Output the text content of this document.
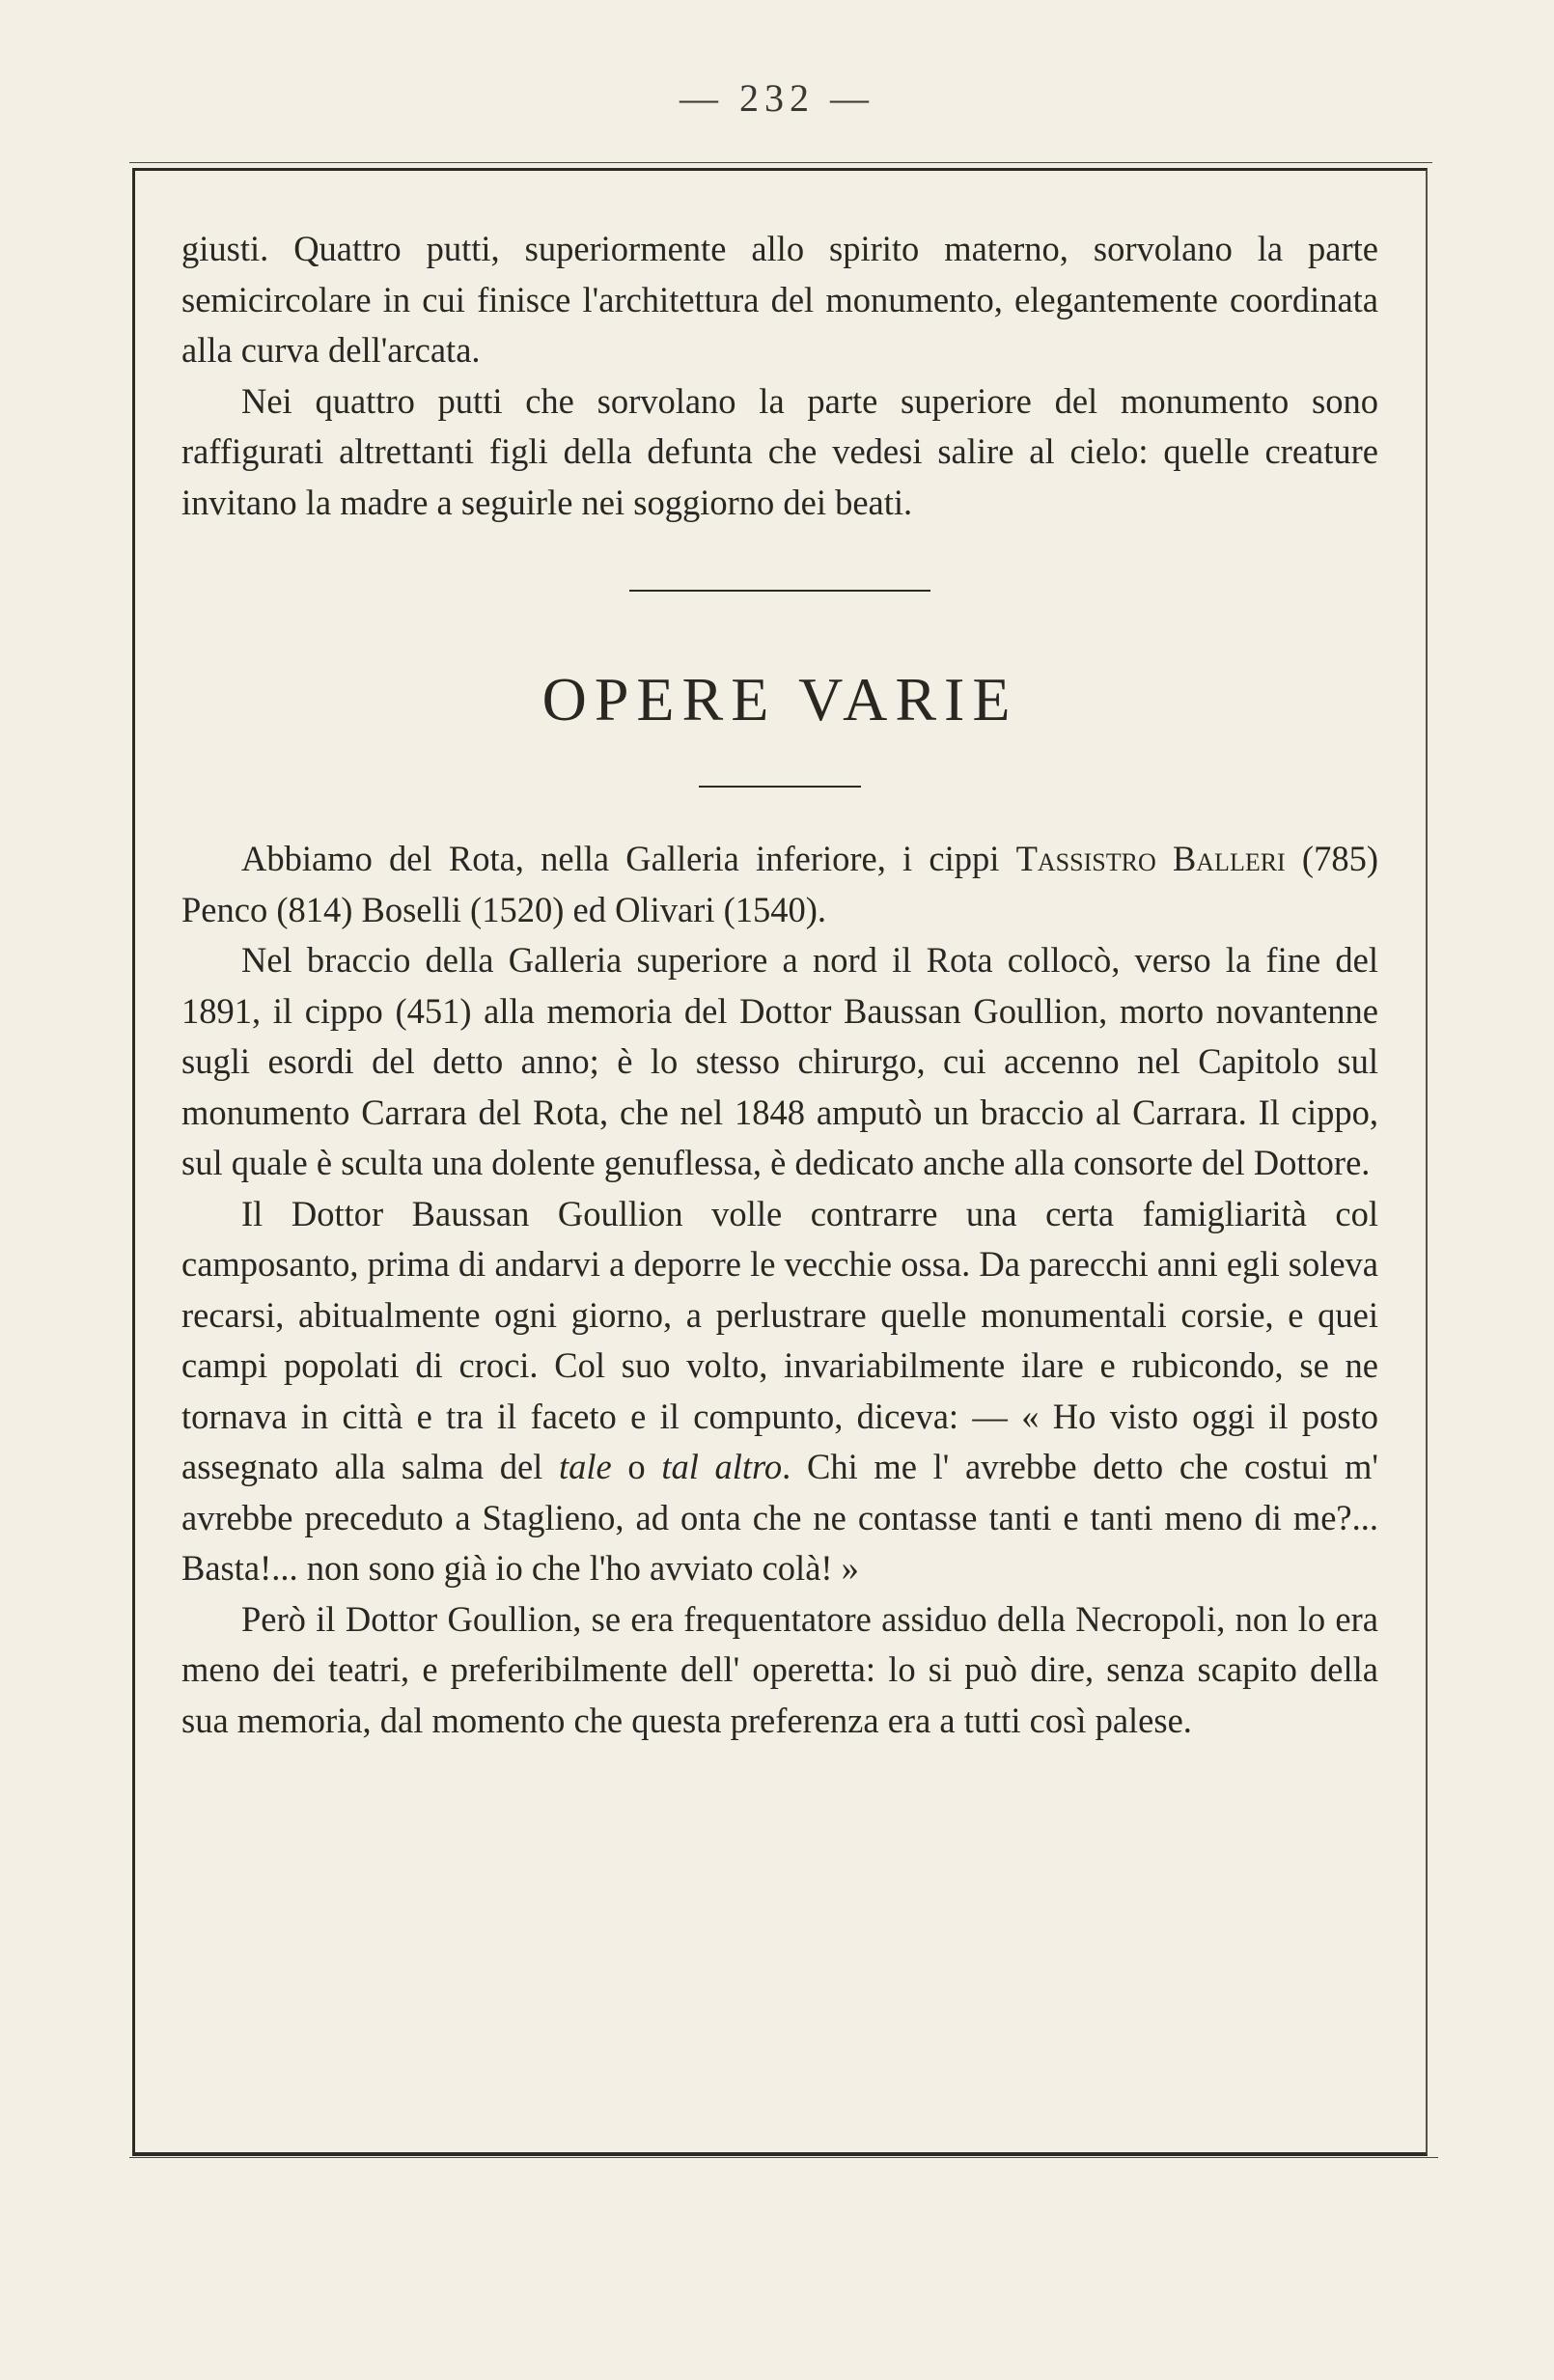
— 232 —

giusti. Quattro putti, superiormente allo spirito materno, sorvolano la parte semicircolare in cui finisce l'architettura del monumento, elegantemente coordinata alla curva dell'arcata.

Nei quattro putti che sorvolano la parte superiore del monumento sono raffigurati altrettanti figli della defunta che vedesi salire al cielo: quelle creature invitano la madre a seguirle nei soggiorno dei beati.

OPERE VARIE

Abbiamo del Rota, nella Galleria inferiore, i cippi Tassistro Balleri (785) Penco (814) Boselli (1520) ed Olivari (1540).

Nel braccio della Galleria superiore a nord il Rota collocò, verso la fine del 1891, il cippo (451) alla memoria del Dottor Baussan Goullion, morto novantenne sugli esordi del detto anno; è lo stesso chirurgo, cui accenno nel Capitolo sul monumento Carrara del Rota, che nel 1848 amputò un braccio al Carrara. Il cippo, sul quale è sculta una dolente genuflessa, è dedicato anche alla consorte del Dottore.

Il Dottor Baussan Goullion volle contrarre una certa famigliarità col camposanto, prima di andarvi a deporre le vecchie ossa. Da parecchi anni egli soleva recarsi, abitualmente ogni giorno, a perlustrare quelle monumentali corsie, e quei campi popolati di croci. Col suo volto, invariabilmente ilare e rubicondo, se ne tornava in città e tra il faceto e il compunto, diceva: — « Ho visto oggi il posto assegnato alla salma del tale o tal altro. Chi me l' avrebbe detto che costui m' avrebbe preceduto a Staglieno, ad onta che ne contasse tanti e tanti meno di me?... Basta!... non sono già io che l'ho avviato colà! »

Però il Dottor Goullion, se era frequentatore assiduo della Necropoli, non lo era meno dei teatri, e preferibilmente dell' operetta: lo si può dire, senza scapito della sua memoria, dal momento che questa preferenza era a tutti così palese.
